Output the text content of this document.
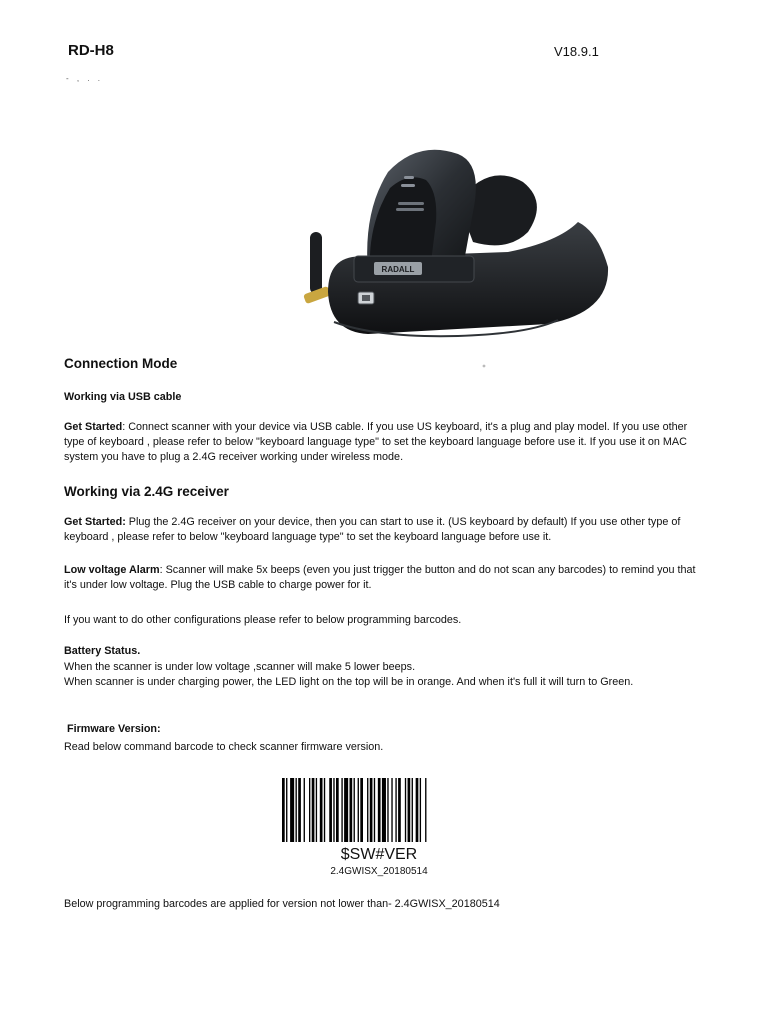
RD-H8	V18.9.1
- , . .
RADALL
Connection Mode
Working via USB cable
Get Started: Connect scanner with your device via USB cable. If you use US keyboard, it's a plug and play model. If you use other type of keyboard , please refer to below "keyboard language type" to set the keyboard language before use it. If you use it on MAC system you have to plug a 2.4G receiver working under wireless mode.
Working via 2.4G receiver
Get Started: Plug the 2.4G receiver on your device, then you can start to use it. (US keyboard by default) If you use other type of keyboard , please refer to below "keyboard language type" to set the keyboard language before use it.
Low voltage Alarm: Scanner will make 5x beeps (even you just trigger the button and do not scan any barcodes) to remind you that it's under low voltage. Plug the USB cable to charge power for it.
If you want to do other configurations please refer to below programming barcodes.
Battery Status.
When the scanner is under low voltage ,scanner will make 5 lower beeps.
When scanner is under charging power, the LED light on the top will be in orange. And when it's full it will turn to Green.
Firmware Version:
Read below command barcode to check scanner firmware version.
$SW#VER
2.4GWISX_20180514
Below programming barcodes are applied for version not lower than- 2.4GWISX_20180514
